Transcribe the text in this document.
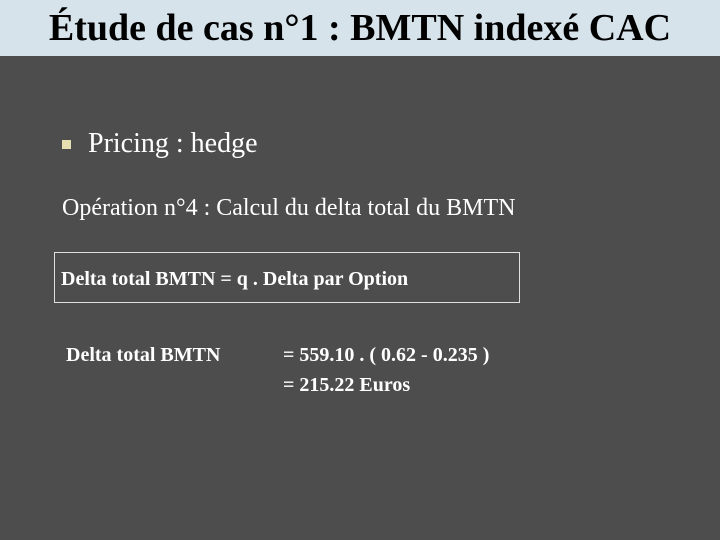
Étude de cas n°1 : BMTN indexé CAC
Pricing : hedge
Opération n°4 : Calcul du delta total du BMTN
Delta total BMTN = q . Delta par Option
Delta total BMTN	= 559.10 . ( 0.62 - 0.235 )
= 215.22 Euros
